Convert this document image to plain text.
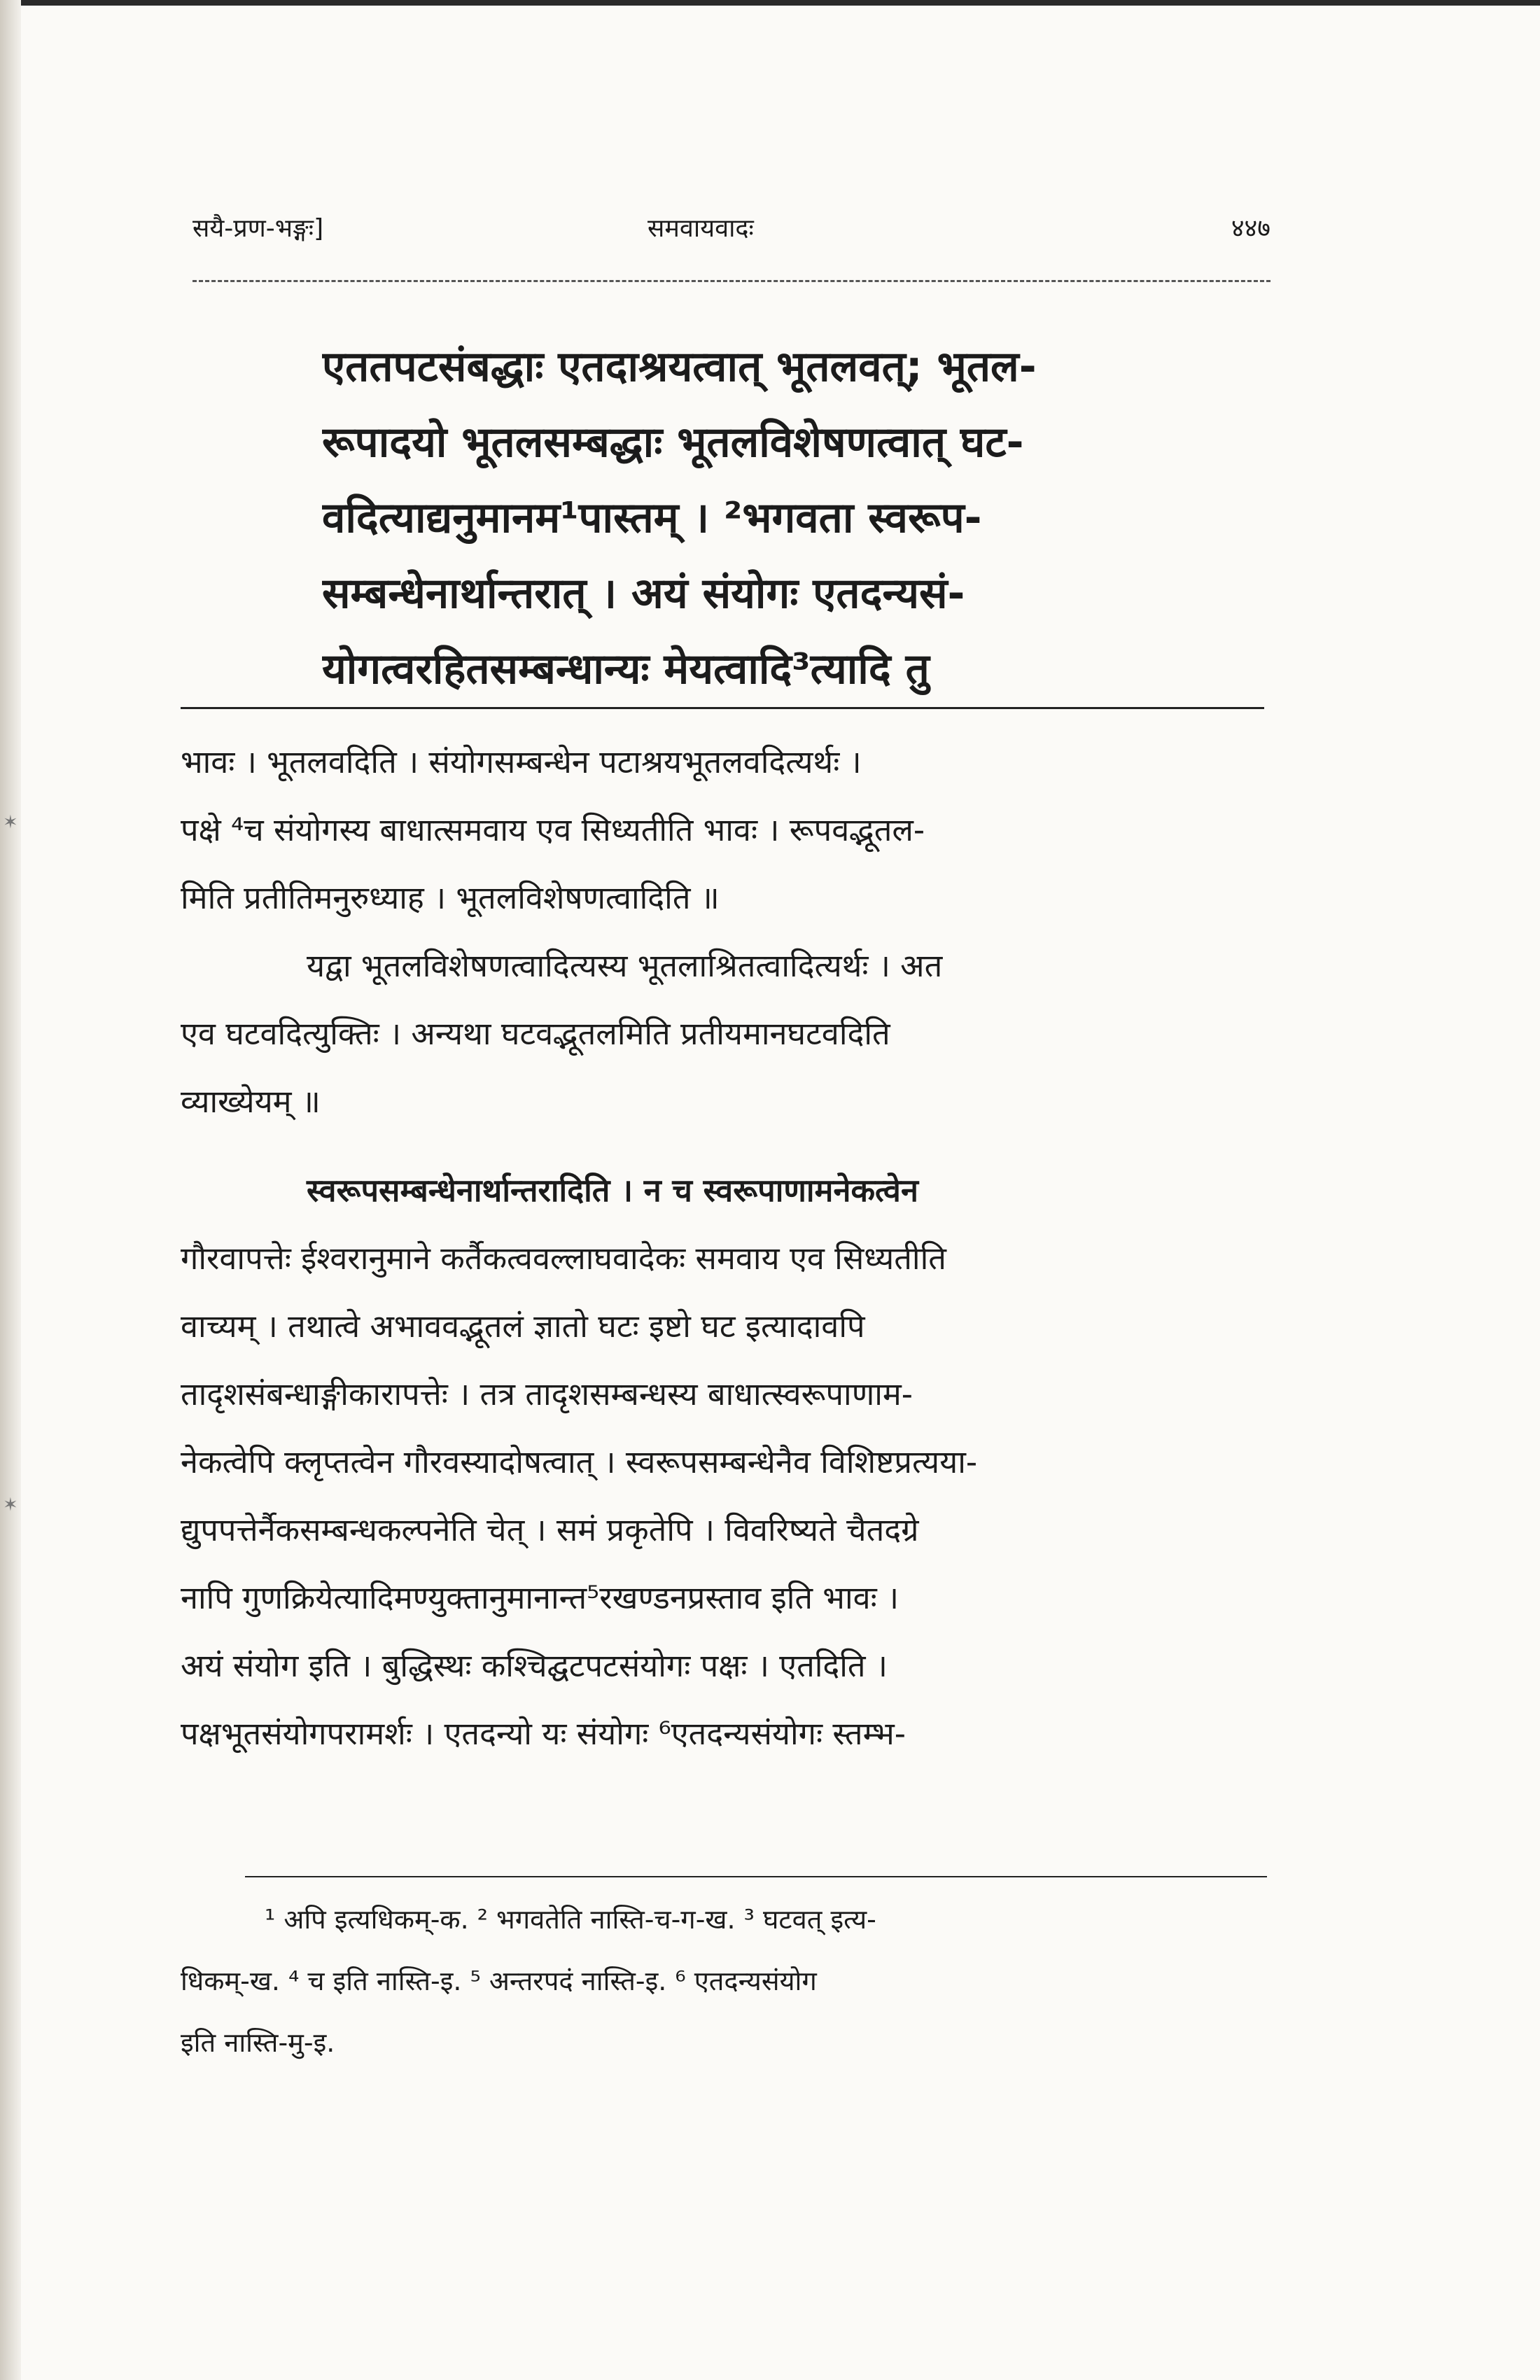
✶
✶
सयै-प्रण-भङ्गः]	समवायवादः	४४७
एततपटसंबद्धाः एतदाश्रयत्वात् भूतलवत्; भूतल-
रूपादयो भूतलसम्बद्धाः भूतलविशेषणत्वात् घट-
वदित्याद्यनुमानम¹पास्तम् । ²भगवता स्वरूप-
सम्बन्धेनार्थान्तरात् । अयं संयोगः एतदन्यसं-
योगत्वरहितसम्बन्धान्यः मेयत्वादि³त्यादि तु
भावः । भूतलवदिति । संयोगसम्बन्धेन पटाश्रयभूतलवदित्यर्थः ।
पक्षे ⁴च संयोगस्य बाधात्समवाय एव सिध्यतीति भावः । रूपवद्भूतल-
मिति प्रतीतिमनुरुध्याह । भूतलविशेषणत्वादिति ॥
यद्वा भूतलविशेषणत्वादित्यस्य भूतलाश्रितत्वादित्यर्थः । अत
एव घटवदित्युक्तिः । अन्यथा घटवद्भूतलमिति प्रतीयमानघटवदिति
व्याख्येयम् ॥
स्वरूपसम्बन्धेनार्थान्तरादिति । न च स्वरूपाणामनेकत्वेन
गौरवापत्तेः ईश्वरानुमाने कर्तैकत्ववल्लाघवादेकः समवाय एव सिध्यतीति
वाच्यम् । तथात्वे अभाववद्भूतलं ज्ञातो घटः इष्टो घट इत्यादावपि
तादृशसंबन्धाङ्गीकारापत्तेः । तत्र तादृशसम्बन्धस्य बाधात्स्वरूपाणाम-
नेकत्वेपि क्लृप्तत्वेन गौरवस्यादोषत्वात् । स्वरूपसम्बन्धेनैव विशिष्टप्रत्यया-
द्युपपत्तेर्नैकसम्बन्धकल्पनेति चेत् । समं प्रकृतेपि । विवरिष्यते चैतदग्रे
नापि गुणक्रियेत्यादिमण्युक्तानुमानान्त⁵रखण्डनप्रस्ताव इति भावः ।
अयं संयोग इति । बुद्धिस्थः कश्चिद्घटपटसंयोगः पक्षः । एतदिति ।
पक्षभूतसंयोगपरामर्शः । एतदन्यो यः संयोगः ⁶एतदन्यसंयोगः स्तम्भ-
¹ अपि इत्यधिकम्-क. ² भगवतेति नास्ति-च-ग-ख. ³ घटवत् इत्य-
धिकम्-ख. ⁴ च इति नास्ति-इ. ⁵ अन्तरपदं नास्ति-इ. ⁶ एतदन्यसंयोग
इति नास्ति-मु-इ.
